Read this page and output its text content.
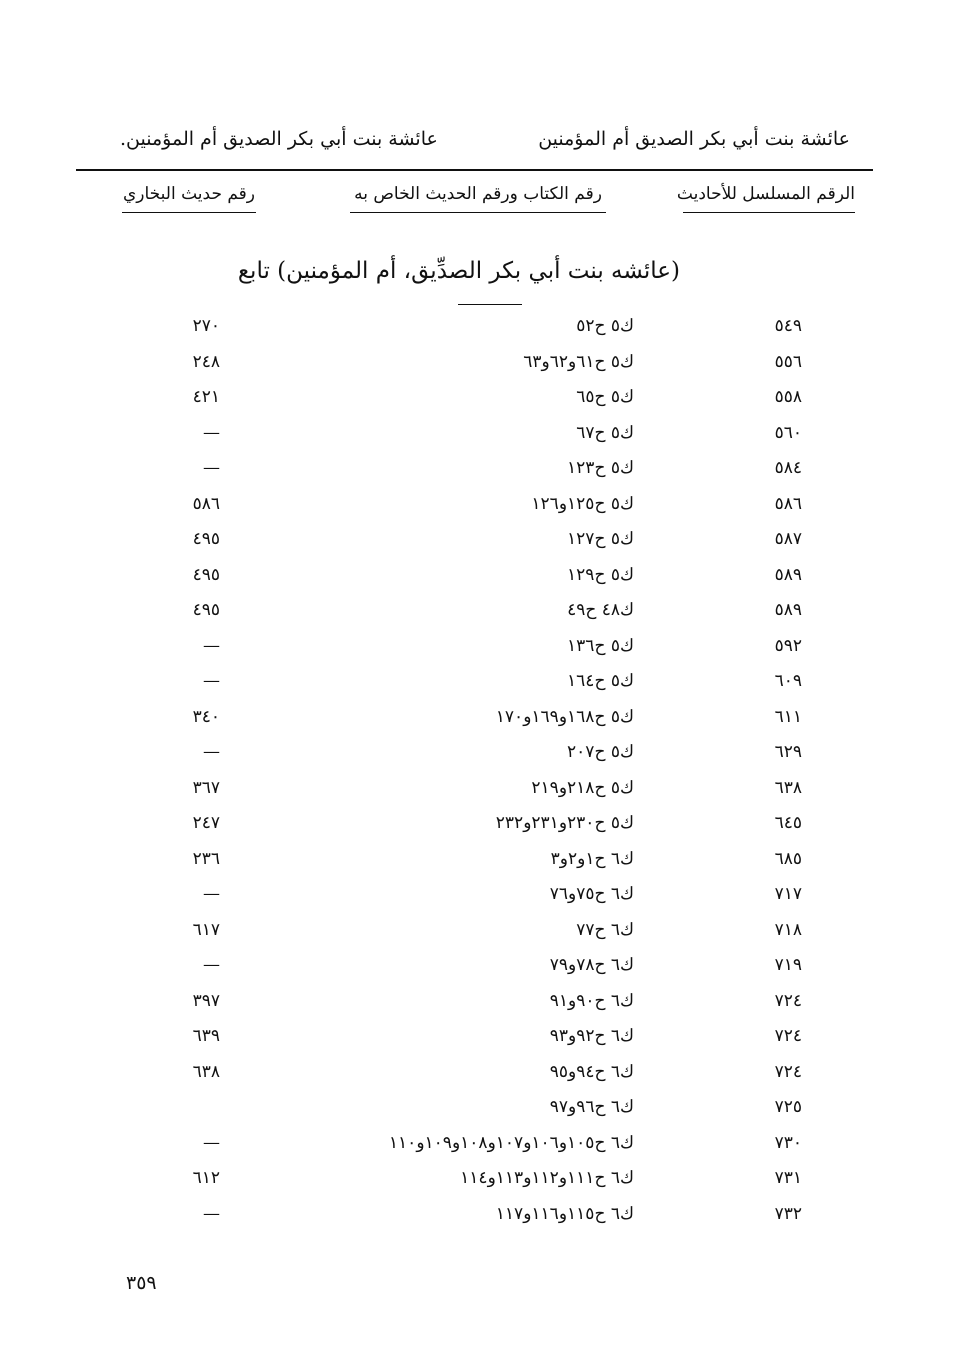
عائشة بنت أبي بكر الصديق أم المؤمنين
عائشة بنت أبي بكر الصديق أم المؤمنين.
الرقم المسلسل للأحاديث
رقم الكتاب ورقم الحديث الخاص به
رقم حديث البخاري
(عائشه بنت أبي بكر الصدِّيق، أم المؤمنين) تابع
٥٤٩
ك٥ ح٥٢
٢٧٠
٥٥٦
ك٥ ح٦١و٦٢و٦٣
٢٤٨
٥٥٨
ك٥ ح٦٥
٤٢١
٥٦٠
ك٥ ح٦٧
—
٥٨٤
ك٥ ح١٢٣
—
٥٨٦
ك٥ ح١٢٥و١٢٦
٥٨٦
٥٨٧
ك٥ ح١٢٧
٤٩٥
٥٨٩
ك٥ ح١٢٩
٤٩٥
٥٨٩
ك٤٨ ح٤٩
٤٩٥
٥٩٢
ك٥ ح١٣٦
—
٦٠٩
ك٥ ح١٦٤
—
٦١١
ك٥ ح١٦٨و١٦٩و١٧٠
٣٤٠
٦٢٩
ك٥ ح٢٠٧
—
٦٣٨
ك٥ ح٢١٨و٢١٩
٣٦٧
٦٤٥
ك٥ ح٢٣٠و٢٣١و٢٣٢
٢٤٧
٦٨٥
ك٦ ح١و٢و٣
٢٣٦
٧١٧
ك٦ ح٧٥و٧٦
—
٧١٨
ك٦ ح٧٧
٦١٧
٧١٩
ك٦ ح٧٨و٧٩
—
٧٢٤
ك٦ ح٩٠و٩١
٣٩٧
٧٢٤
ك٦ ح٩٢و٩٣
٦٣٩
٧٢٤
ك٦ ح٩٤و٩٥
٦٣٨
٧٢٥
ك٦ ح٩٦و٩٧
٧٣٠
ك٦ ح١٠٥و١٠٦و١٠٧و١٠٨و١٠٩و١١٠
—
٧٣١
ك٦ ح١١١و١١٢و١١٣و١١٤
٦١٢
٧٣٢
ك٦ ح١١٥و١١٦و١١٧
—
٣٥٩
